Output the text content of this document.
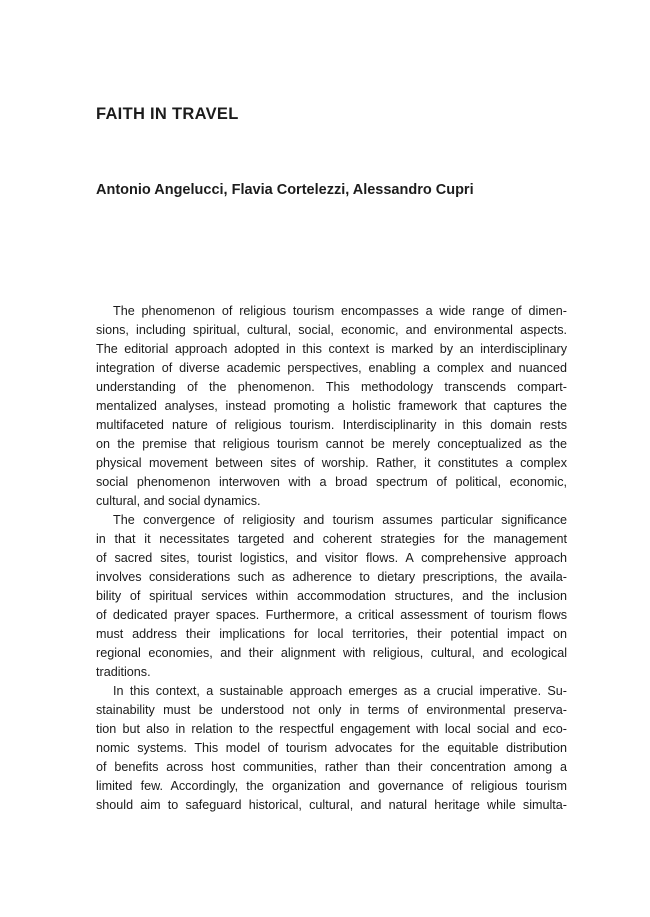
FAITH IN TRAVEL

Antonio Angelucci, Flavia Cortelezzi, Alessandro Cupri

The phenomenon of religious tourism encompasses a wide range of dimen-
sions, including spiritual, cultural, social, economic, and environmental aspects.
The editorial approach adopted in this context is marked by an interdisciplinary
integration of diverse academic perspectives, enabling a complex and nuanced
understanding of the phenomenon. This methodology transcends compart-
mentalized analyses, instead promoting a holistic framework that captures the
multifaceted nature of religious tourism. Interdisciplinarity in this domain rests
on the premise that religious tourism cannot be merely conceptualized as the
physical movement between sites of worship. Rather, it constitutes a complex
social phenomenon interwoven with a broad spectrum of political, economic,
cultural, and social dynamics.
The convergence of religiosity and tourism assumes particular significance
in that it necessitates targeted and coherent strategies for the management
of sacred sites, tourist logistics, and visitor flows. A comprehensive approach
involves considerations such as adherence to dietary prescriptions, the availa-
bility of spiritual services within accommodation structures, and the inclusion
of dedicated prayer spaces. Furthermore, a critical assessment of tourism flows
must address their implications for local territories, their potential impact on
regional economies, and their alignment with religious, cultural, and ecological
traditions.
In this context, a sustainable approach emerges as a crucial imperative. Su-
stainability must be understood not only in terms of environmental preserva-
tion but also in relation to the respectful engagement with local social and eco-
nomic systems. This model of tourism advocates for the equitable distribution
of benefits across host communities, rather than their concentration among a
limited few. Accordingly, the organization and governance of religious tourism
should aim to safeguard historical, cultural, and natural heritage while simulta-
